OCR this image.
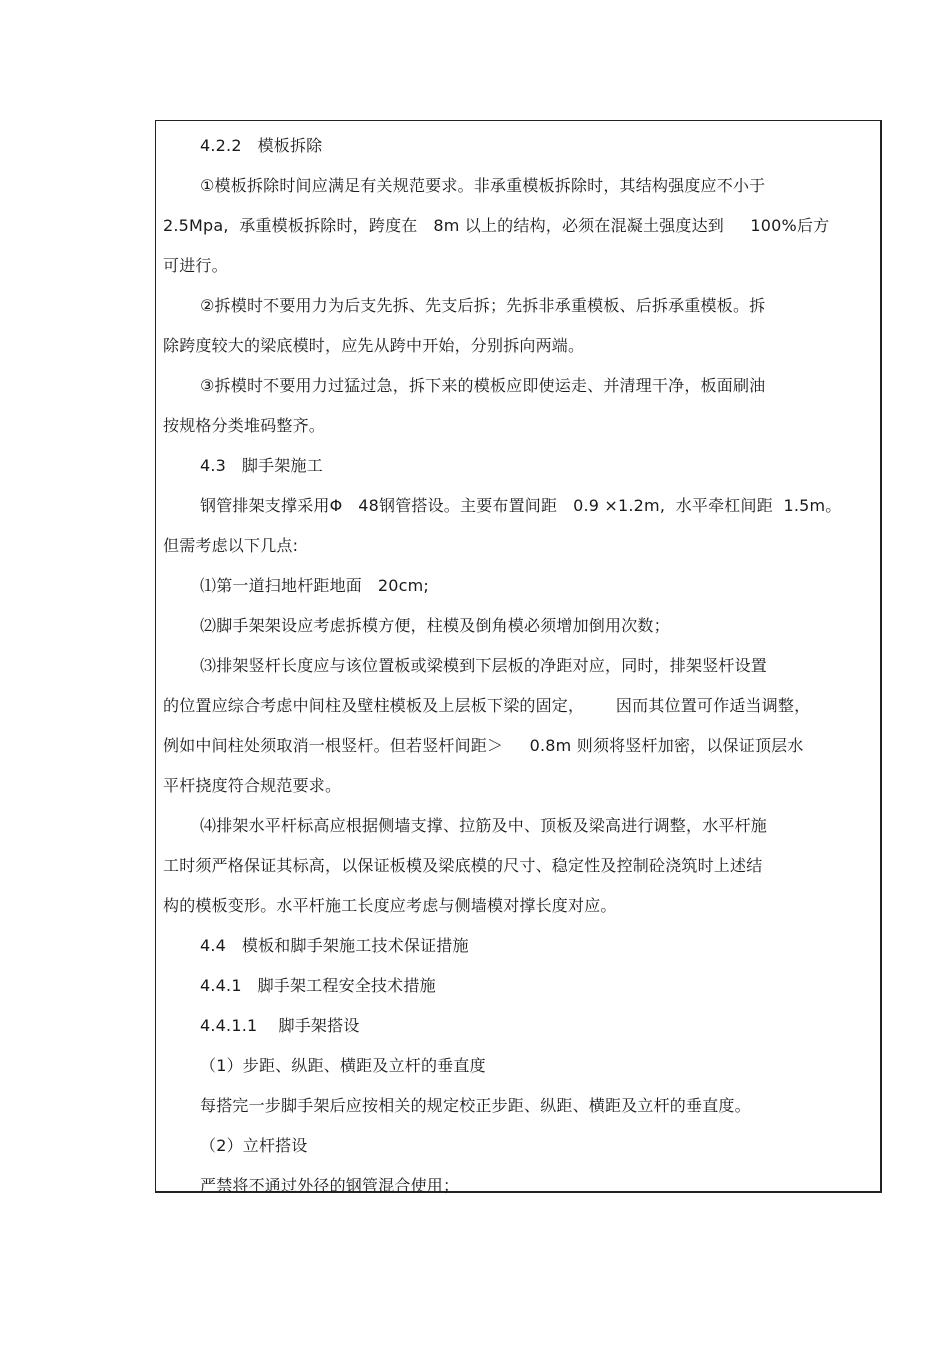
4.2.2   模板拆除
①模板拆除时间应满足有关规范要求。非承重模板拆除时，其结构强度应不小于
2.5Mpa,  承重模板拆除时，跨度在   8m 以上的结构，必须在混凝土强度达到     100%后方
可进行。
②拆模时不要用力为后支先拆、先支后拆；先拆非承重模板、后拆承重模板。拆
除跨度较大的梁底模时，应先从跨中开始，分别拆向两端。
③拆模时不要用力过猛过急，拆下来的模板应即使运走、并清理干净，板面刷油
按规格分类堆码整齐。
4.3   脚手架施工
钢管排架支撑采用Φ   48钢管搭设。主要布置间距   0.9 ×1.2m,  水平牵杠间距  1.5m。
但需考虑以下几点:
⑴第一道扫地杆距地面   20cm;
⑵脚手架架设应考虑拆模方便，柱模及倒角模必须增加倒用次数；
⑶排架竖杆长度应与该位置板或梁模到下层板的净距对应，同时，排架竖杆设置
的位置应综合考虑中间柱及壁柱模板及上层板下梁的固定，      因而其位置可作适当调整，
例如中间柱处须取消一根竖杆。但若竖杆间距＞     0.8m 则须将竖杆加密，以保证顶层水
平杆挠度符合规范要求。
⑷排架水平杆标高应根据侧墙支撑、拉筋及中、顶板及梁高进行调整，水平杆施
工时须严格保证其标高，以保证板模及梁底模的尺寸、稳定性及控制砼浇筑时上述结
构的模板变形。水平杆施工长度应考虑与侧墙模对撑长度对应。
4.4   模板和脚手架施工技术保证措施
4.4.1   脚手架工程安全技术措施
4.4.1.1    脚手架搭设
（1）步距、纵距、横距及立杆的垂直度
每搭完一步脚手架后应按相关的规定校正步距、纵距、横距及立杆的垂直度。
（2）立杆搭设
严禁将不通过外径的钢管混合使用；
